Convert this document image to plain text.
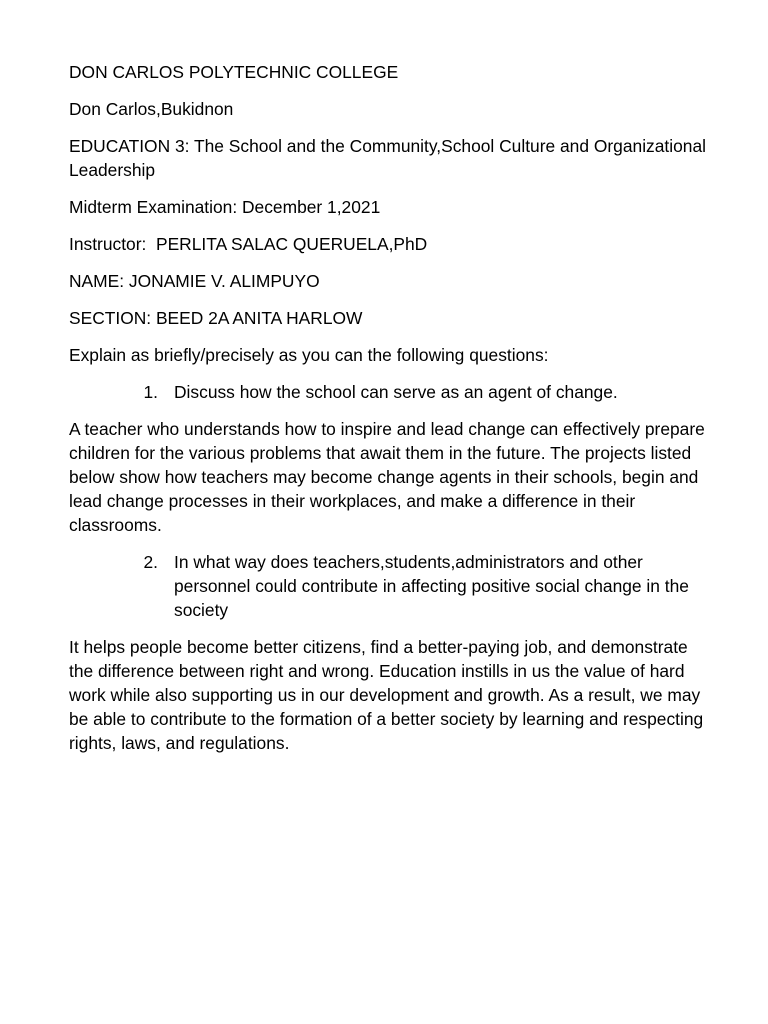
DON CARLOS POLYTECHNIC COLLEGE
Don Carlos,Bukidnon
EDUCATION 3: The School and the Community,School Culture and Organizational Leadership
Midterm Examination: December 1,2021
Instructor:  PERLITA SALAC QUERUELA,PhD
NAME: JONAMIE V. ALIMPUYO
SECTION: BEED 2A ANITA HARLOW
Explain as briefly/precisely as you can the following questions:
1. Discuss how the school can serve as an agent of change.
A teacher who understands how to inspire and lead change can effectively prepare children for the various problems that await them in the future. The projects listed below show how teachers may become change agents in their schools, begin and lead change processes in their workplaces, and make a difference in their classrooms.
2. In what way does teachers,students,administrators and other personnel could contribute in affecting positive social change in the society
It helps people become better citizens, find a better-paying job, and demonstrate the difference between right and wrong. Education instills in us the value of hard work while also supporting us in our development and growth. As a result, we may be able to contribute to the formation of a better society by learning and respecting rights, laws, and regulations.
